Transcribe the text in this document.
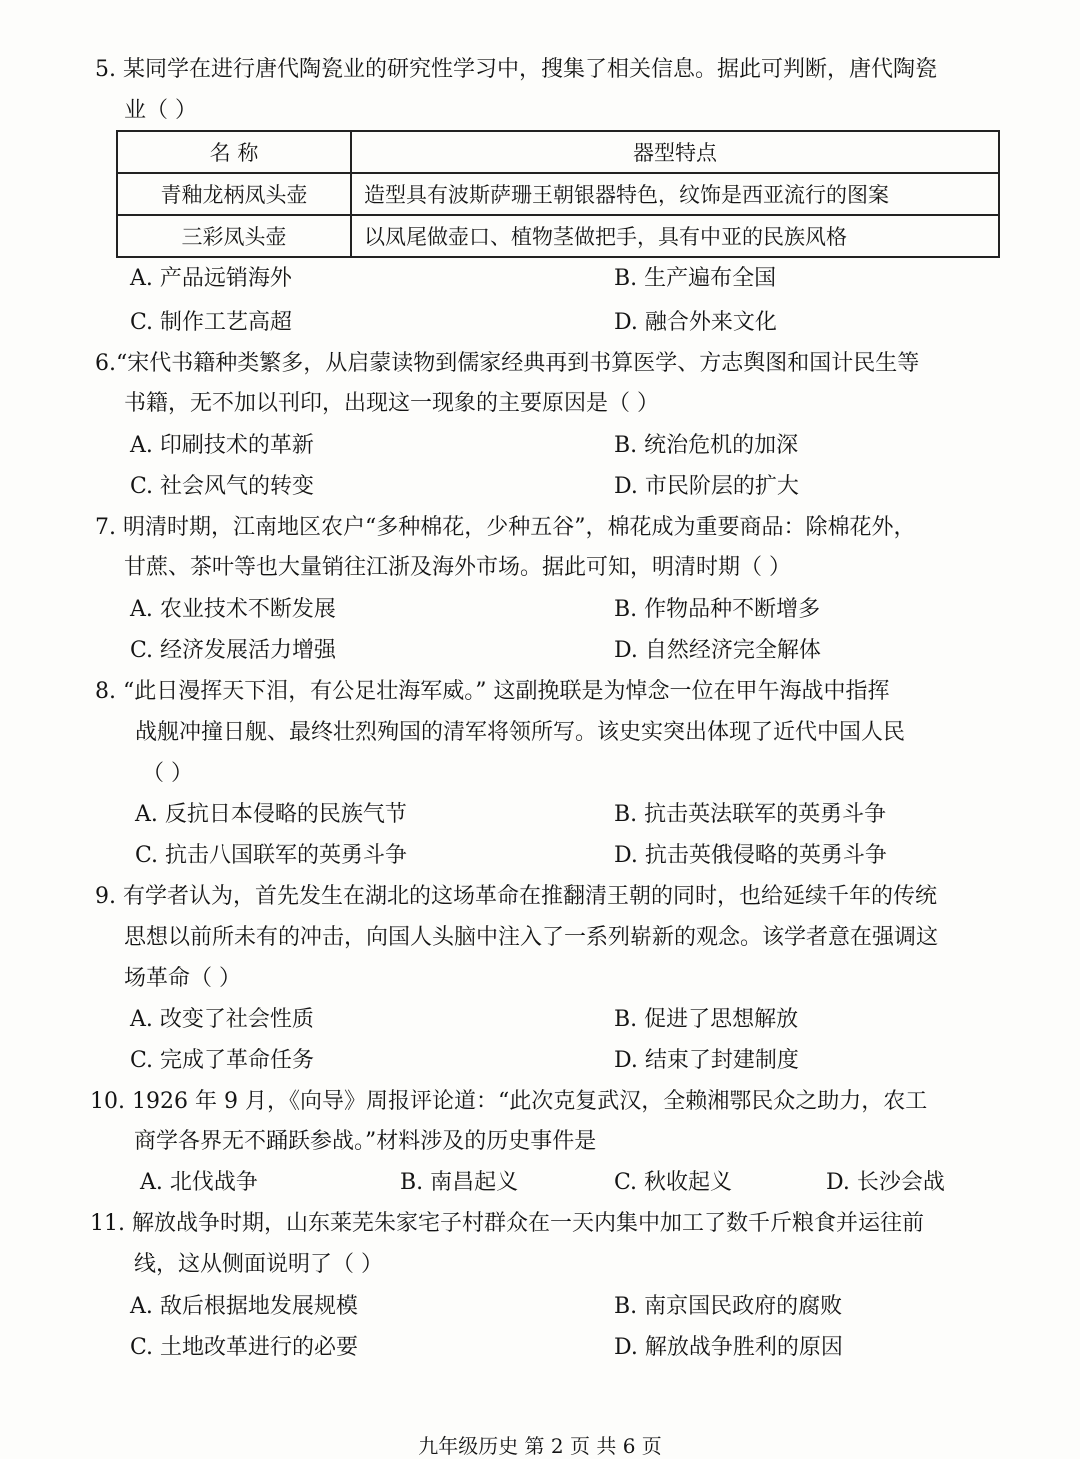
5. 某同学在进行唐代陶瓷业的研究性学习中，搜集了相关信息。据此可判断，唐代陶瓷
业（ ）
名 称	器型特点
青釉龙柄凤头壶	造型具有波斯萨珊王朝银器特色，纹饰是西亚流行的图案
三彩凤头壶	以凤尾做壶口、植物茎做把手，具有中亚的民族风格
A. 产品远销海外	B. 生产遍布全国
C. 制作工艺高超	D. 融合外来文化
6.“宋代书籍种类繁多，从启蒙读物到儒家经典再到书算医学、方志舆图和国计民生等
书籍，无不加以刊印，出现这一现象的主要原因是（ ）
A. 印刷技术的革新	B. 统治危机的加深
C. 社会风气的转变	D. 市民阶层的扩大
7. 明清时期，江南地区农户“多种棉花，少种五谷”，棉花成为重要商品：除棉花外，
甘蔗、茶叶等也大量销往江浙及海外市场。据此可知，明清时期（ ）
A. 农业技术不断发展	B. 作物品种不断增多
C. 经济发展活力增强	D. 自然经济完全解体
8. “此日漫挥天下泪，有公足壮海军威。” 这副挽联是为悼念一位在甲午海战中指挥
战舰冲撞日舰、最终壮烈殉国的清军将领所写。该史实突出体现了近代中国人民
（ ）
A. 反抗日本侵略的民族气节	B. 抗击英法联军的英勇斗争
C. 抗击八国联军的英勇斗争	D. 抗击英俄侵略的英勇斗争
9. 有学者认为，首先发生在湖北的这场革命在推翻清王朝的同时，也给延续千年的传统
思想以前所未有的冲击，向国人头脑中注入了一系列崭新的观念。该学者意在强调这
场革命（ ）
A. 改变了社会性质	B. 促进了思想解放
C. 完成了革命任务	D. 结束了封建制度
10. 1926 年 9 月，《向导》周报评论道：“此次克复武汉，全赖湘鄂民众之助力，农工
商学各界无不踊跃参战。”材料涉及的历史事件是
A. 北伐战争	B. 南昌起义	C. 秋收起义	D. 长沙会战
11. 解放战争时期，山东莱芜朱家宅子村群众在一天内集中加工了数千斤粮食并运往前
线，这从侧面说明了（ ）
A. 敌后根据地发展规模	B. 南京国民政府的腐败
C. 土地改革进行的必要	D. 解放战争胜利的原因
九年级历史 第 2 页 共 6 页
